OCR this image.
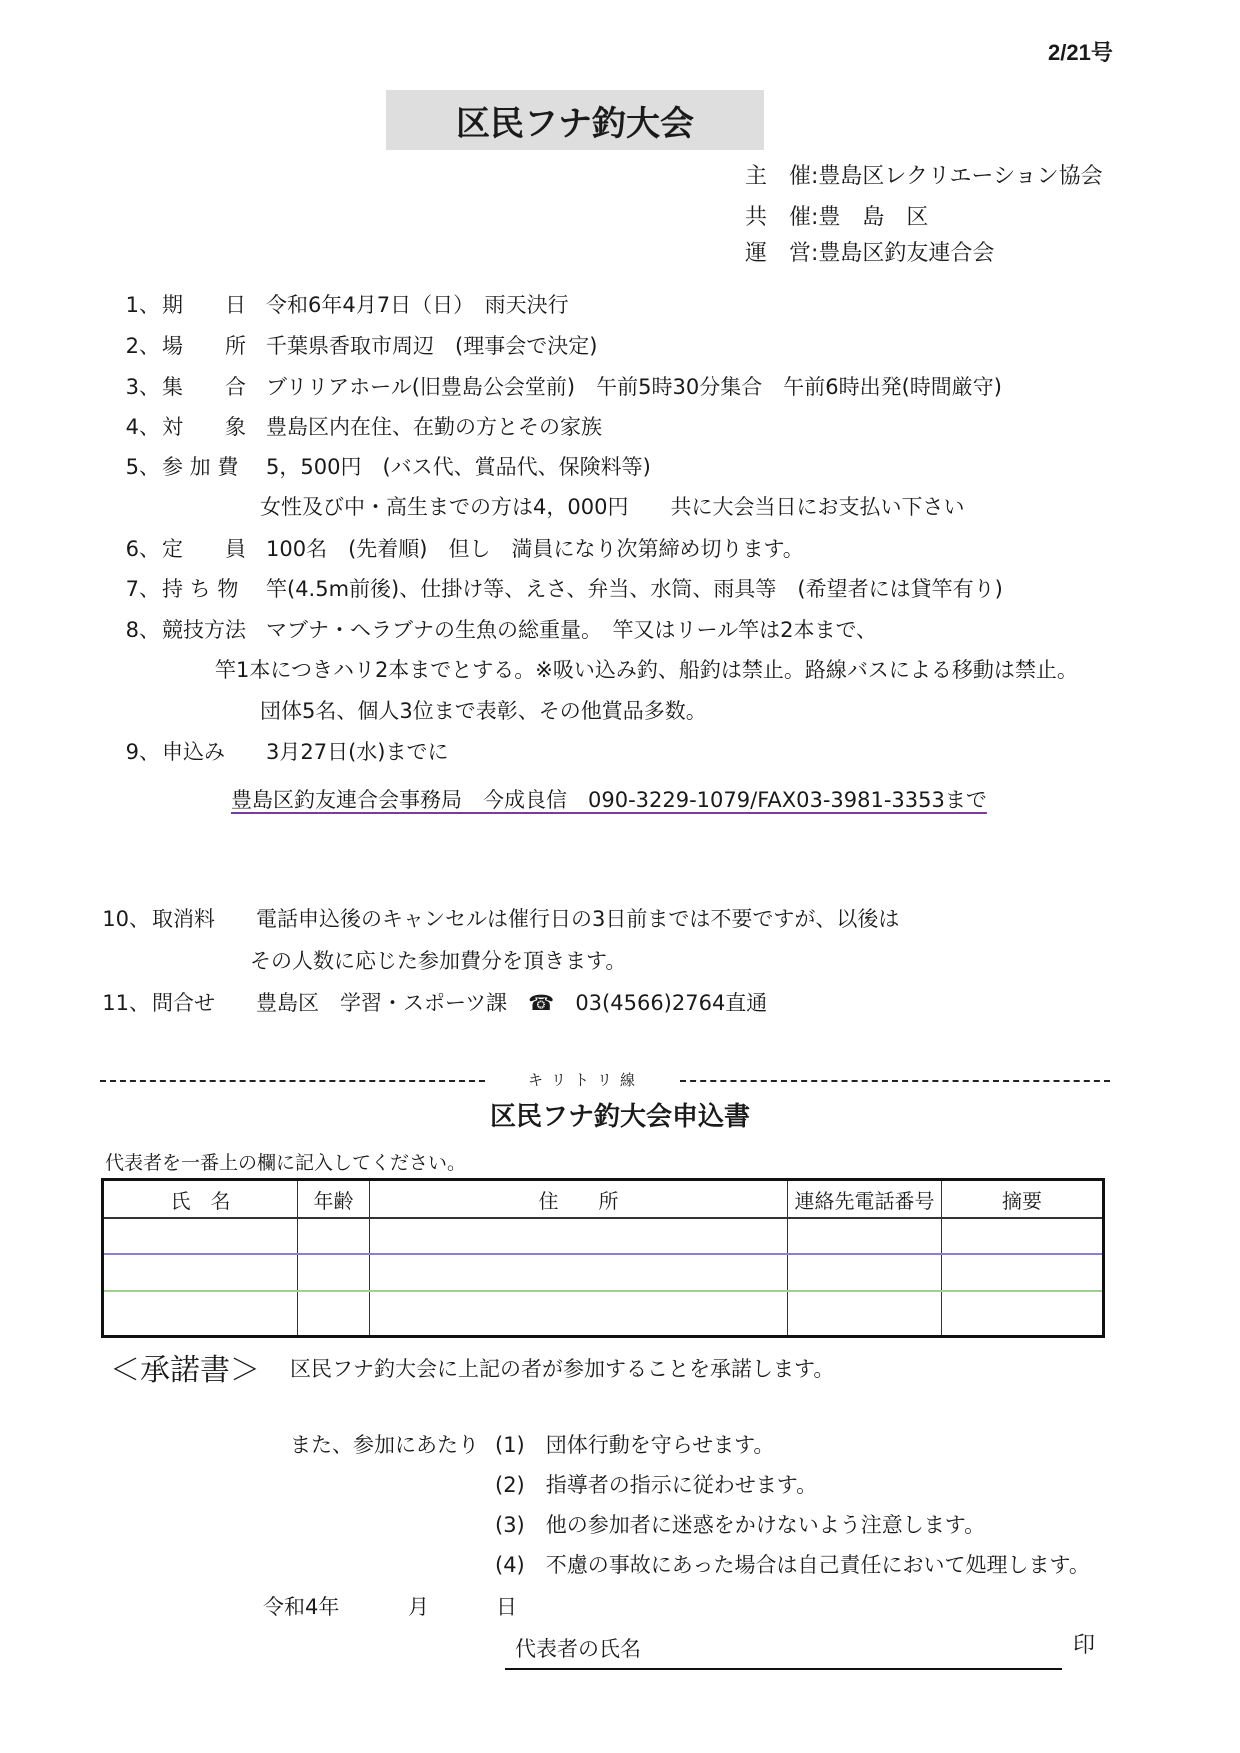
2/21号
区民フナ釣大会
主　催:豊島区レクリエーション協会
共　催:豊　島　区
運　営:豊島区釣友連合会
1、期　　日 令和6年4月7日（日）　雨天決行
2、場　　所 千葉県香取市周辺　(理事会で決定)
3、集　　合 ブリリアホール(旧豊島公会堂前)　午前5時30分集合　午前6時出発(時間厳守)
4、対　　象 豊島区内在住、在勤の方とその家族
5、参 加 費 5，500円　(バス代、賞品代、保険料等)
女性及び中・高生までの方は4，000円　　共に大会当日にお支払い下さい
6、定　　員 100名　(先着順)　但し　満員になり次第締め切ります。
7、持 ち 物 竿(4.5m前後)、仕掛け等、えさ、弁当、水筒、雨具等　(希望者には貸竿有り)
8、競技方法 マブナ・ヘラブナの生魚の総重量。　竿又はリール竿は2本まで、
竿1本につきハリ2本までとする。※吸い込み釣、船釣は禁止。路線バスによる移動は禁止。
団体5名、個人3位まで表彰、その他賞品多数。
9、申込み 3月27日(水)までに
豊島区釣友連合会事務局　今成良信　090-3229-1079/FAX03-3981-3353まで
10、取消料 電話申込後のキャンセルは催行日の3日前までは不要ですが、以後は
その人数に応じた参加費分を頂きます。
11、問合せ 豊島区　学習・スポーツ課　☎　03(4566)2764直通
キリトリ線
区民フナ釣大会申込書
代表者を一番上の欄に記入してください。
氏　名	年齢	住　　所	連絡先電話番号	摘要

＜承諾書＞ 区民フナ釣大会に上記の者が参加することを承諾します。
また、参加にあたり (1)　団体行動を守らせます。
(2)　指導者の指示に従わせます。
(3)　他の参加者に迷惑をかけないよう注意します。
(4)　不慮の事故にあった場合は自己責任において処理します。
令和4年	月	日
代表者の氏名	印
